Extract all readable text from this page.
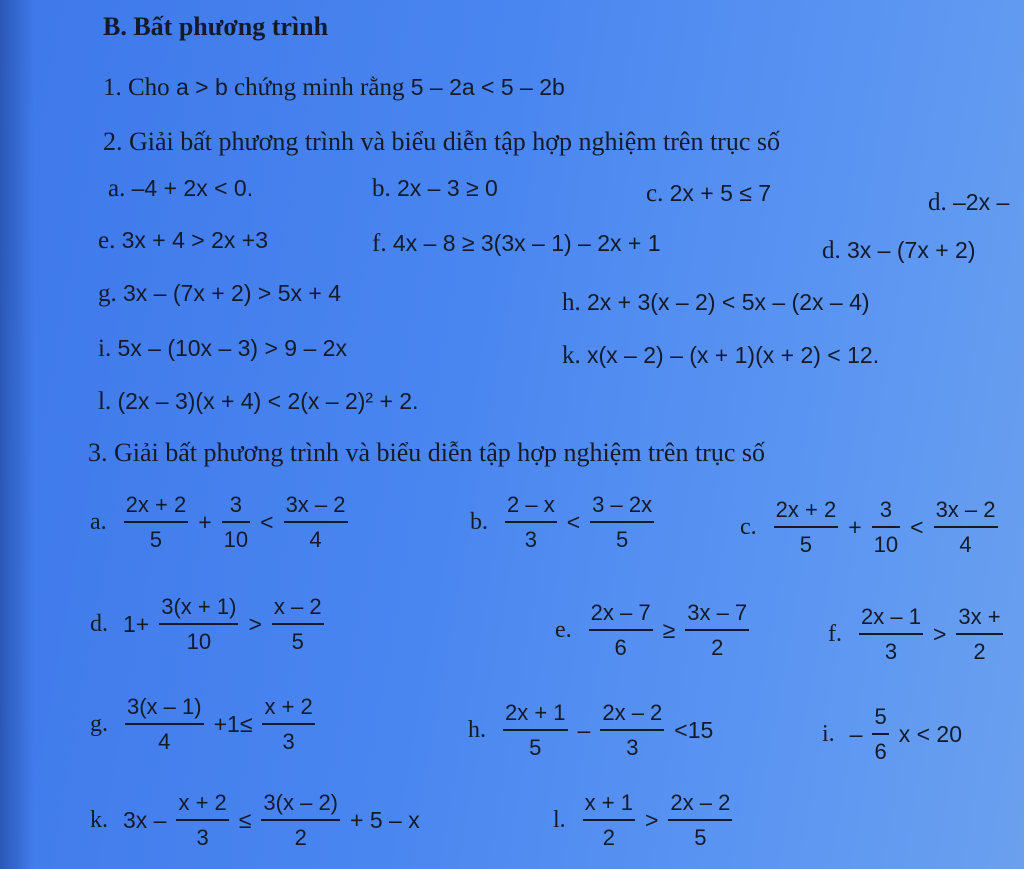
B. Bất phương trình
1. Cho a > b chứng minh rằng 5 – 2a < 5 – 2b
2. Giải bất phương trình và biểu diễn tập hợp nghiệm trên trục số
a. –4 + 2x < 0.	b. 2x – 3 ≥ 0	c. 2x + 5 ≤ 7	d. –2x –
e. 3x + 4 > 2x +3	f. 4x – 8 ≥ 3(3x – 1) – 2x + 1	d. 3x – (7x + 2)
g. 3x – (7x + 2) > 5x + 4	h. 2x + 3(x – 2) < 5x – (2x – 4)
i. 5x – (10x – 3) > 9 – 2x	k. x(x – 2) – (x + 1)(x + 2) < 12.
l. (2x – 3)(x + 4) < 2(x – 2)² + 2.
3. Giải bất phương trình và biểu diễn tập hợp nghiệm trên trục số
a. $\frac{2x + 2}{5} + \frac{3}{10} < \frac{3x - 2}{4}$	b. $\frac{2 - x}{3} < \frac{3 - 2x}{5}$	c. $\frac{2x + 2}{5} + \frac{3}{10} < \frac{3x - 2}{4}$
d. $1+ \frac{3(x + 1)}{10} > \frac{x - 2}{5}$	e. $\frac{2x - 7}{6} \ge \frac{3x - 7}{2}$	f. $\frac{2x - 1}{3} > \frac{3x +}{2}$
g. $\frac{3(x - 1)}{4} +1\le \frac{x + 2}{3}$	h. $\frac{2x + 1}{5} - \frac{2x - 2}{3} <15$	i. – $\frac{5}{6}$ x < 20
k. $3x - \frac{x + 2}{3} \le \frac{3(x - 2)}{2} + 5 - x$	l. $\frac{x + 1}{2} > \frac{2x - 2}{5}$
